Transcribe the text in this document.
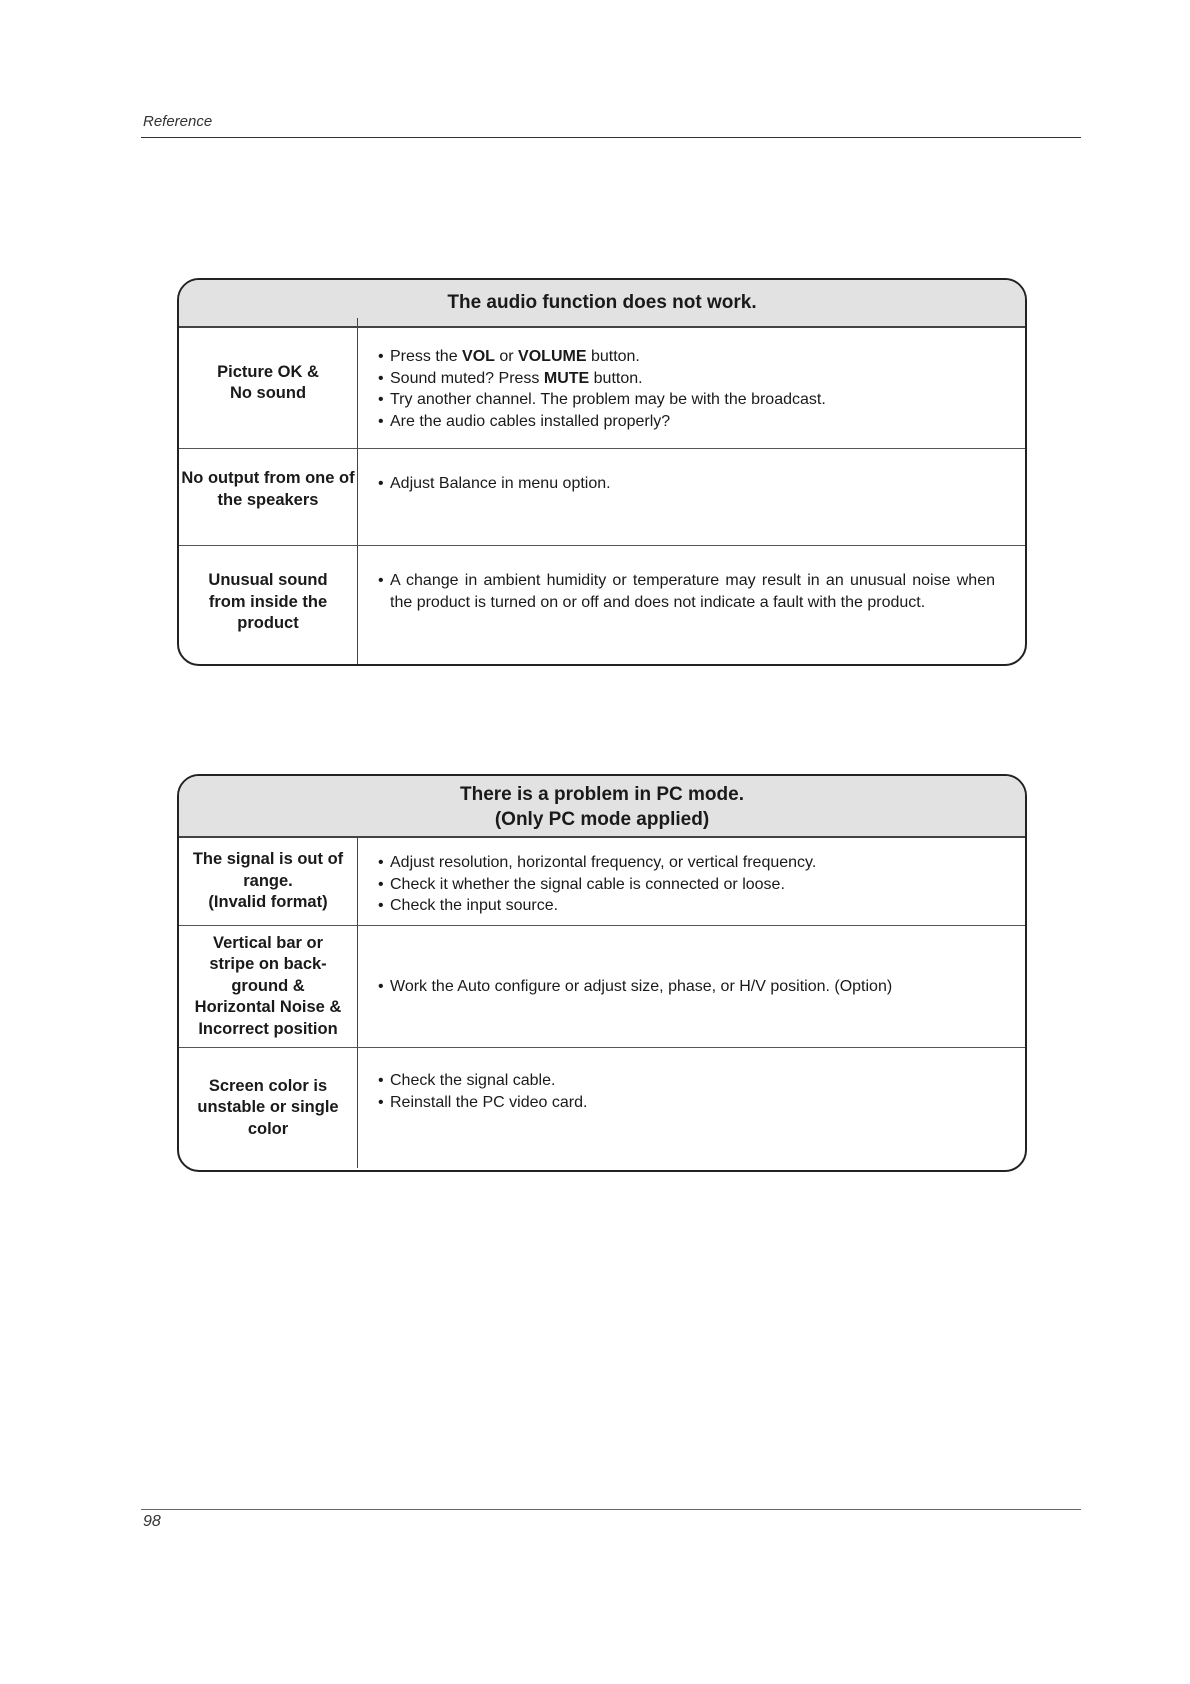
Reference
The audio function does not work.
Picture OK & No sound
• Press the VOL or VOLUME button.
• Sound muted? Press MUTE button.
• Try another channel. The problem may be with the broadcast.
• Are the audio cables installed properly?
No output from one of the speakers
• Adjust Balance in menu option.
Unusual sound from inside the product
• A change in ambient humidity or temperature may result in an unusual noise when the product is turned on or off and does not indicate a fault with the product.
There is a problem in PC mode.
(Only PC mode applied)
The signal is out of
range.
(Invalid format)
• Adjust resolution, horizontal frequency, or vertical frequency.
• Check it whether the signal cable is connected or loose.
• Check the input source.
Vertical bar or
stripe on back-
ground &
Horizontal Noise &
Incorrect position
• Work the Auto configure or adjust size, phase, or H/V position. (Option)
Screen color is
unstable or single
color
• Check the signal cable.
• Reinstall the PC video card.
98
